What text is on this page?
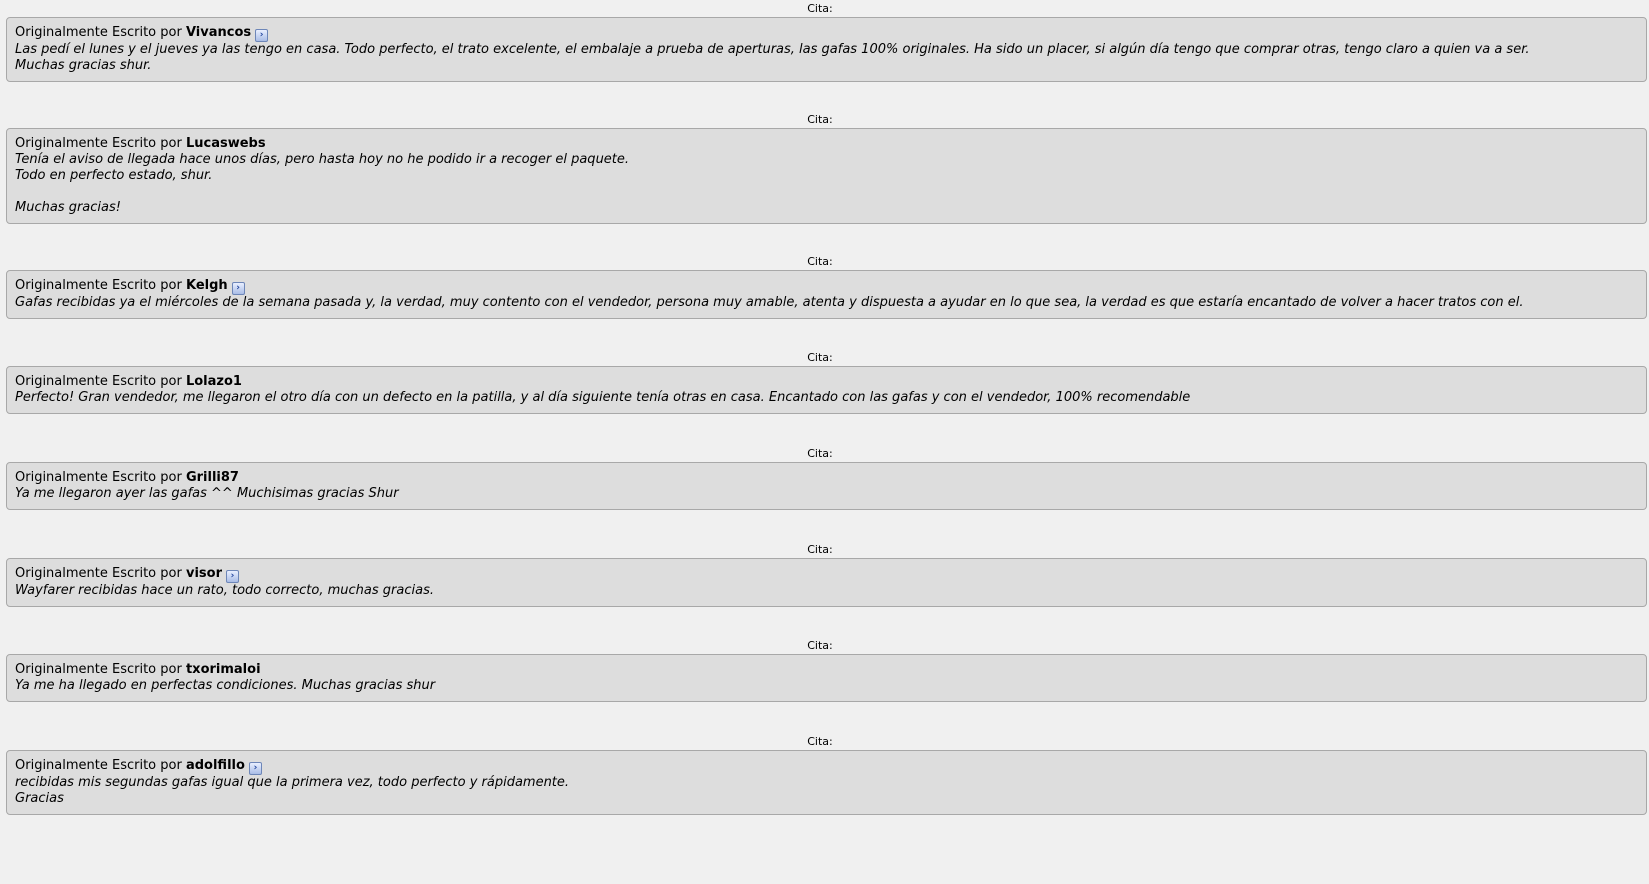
Cita:
Originalmente Escrito por Vivancos ›
Las pedí el lunes y el jueves ya las tengo en casa. Todo perfecto, el trato excelente, el embalaje a prueba de aperturas, las gafas 100% originales. Ha sido un placer, si algún día tengo que comprar otras, tengo claro a quien va a ser.
Muchas gracias shur.
Cita:
Originalmente Escrito por Lucaswebs
Tenía el aviso de llegada hace unos días, pero hasta hoy no he podido ir a recoger el paquete.
Todo en perfecto estado, shur.

Muchas gracias!
Cita:
Originalmente Escrito por Kelgh ›
Gafas recibidas ya el miércoles de la semana pasada y, la verdad, muy contento con el vendedor, persona muy amable, atenta y dispuesta a ayudar en lo que sea, la verdad es que estaría encantado de volver a hacer tratos con el.
Cita:
Originalmente Escrito por Lolazo1
Perfecto! Gran vendedor, me llegaron el otro día con un defecto en la patilla, y al día siguiente tenía otras en casa. Encantado con las gafas y con el vendedor, 100% recomendable
Cita:
Originalmente Escrito por Grilli87
Ya me llegaron ayer las gafas ^^ Muchisimas gracias Shur
Cita:
Originalmente Escrito por visor ›
Wayfarer recibidas hace un rato, todo correcto, muchas gracias.
Cita:
Originalmente Escrito por txorimaloi
Ya me ha llegado en perfectas condiciones. Muchas gracias shur
Cita:
Originalmente Escrito por adolfillo ›
recibidas mis segundas gafas igual que la primera vez, todo perfecto y rápidamente.
Gracias
